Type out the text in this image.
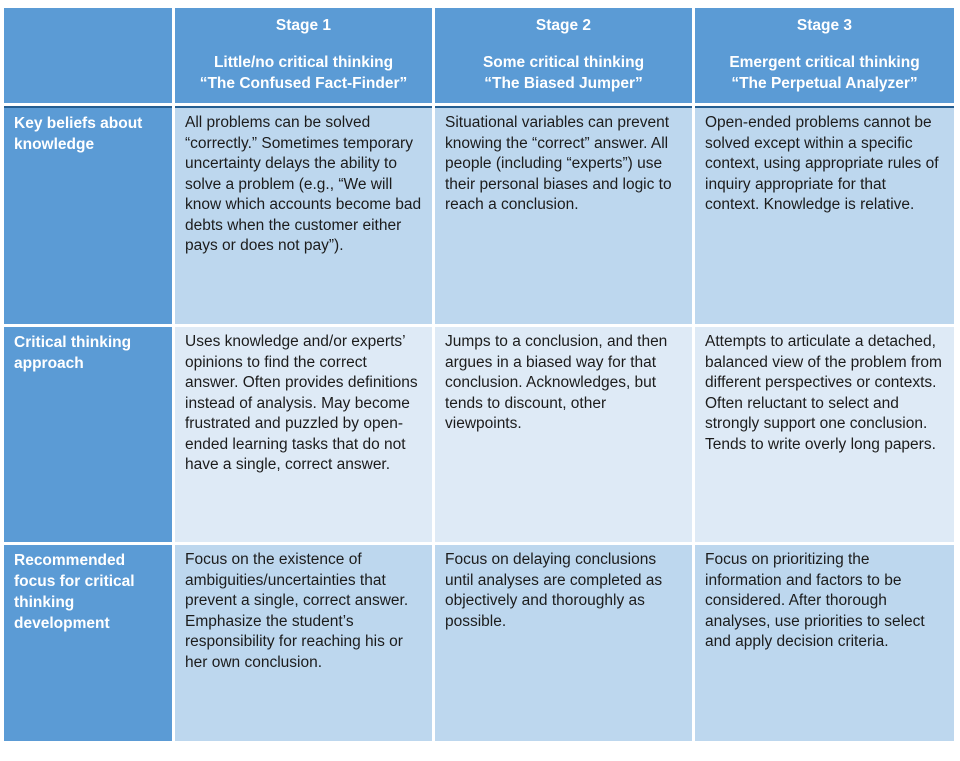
Stage 1
Little/no critical thinking
“The Confused Fact-Finder”
Stage 2
Some critical thinking
“The Biased Jumper”
Stage 3
Emergent critical thinking
“The Perpetual Analyzer”
Key beliefs about knowledge
All problems can be solved “correctly.” Sometimes temporary uncertainty delays the ability to solve a problem (e.g., “We will know which accounts become bad debts when the customer either pays or does not pay”).
Situational variables can prevent knowing the “correct” answer. All people (including “experts”) use their personal biases and logic to reach a conclusion.
Open-ended problems cannot be solved except within a specific context, using appropriate rules of inquiry appropriate for that context. Knowledge is relative.
Critical thinking approach
Uses knowledge and/or experts’ opinions to find the correct answer. Often provides definitions instead of analysis. May become frustrated and puzzled by open-ended learning tasks that do not have a single, correct answer.
Jumps to a conclusion, and then argues in a biased way for that conclusion. Acknowledges, but tends to discount, other viewpoints.
Attempts to articulate a detached, balanced view of the problem from different perspectives or contexts. Often reluctant to select and strongly support one conclusion. Tends to write overly long papers.
Recommended focus for critical thinking development
Focus on the existence of ambiguities/uncertainties that prevent a single, correct answer. Emphasize the student’s responsibility for reaching his or her own conclusion.
Focus on delaying conclusions until analyses are completed as objectively and thoroughly as possible.
Focus on prioritizing the information and factors to be considered. After thorough analyses, use priorities to select and apply decision criteria.
